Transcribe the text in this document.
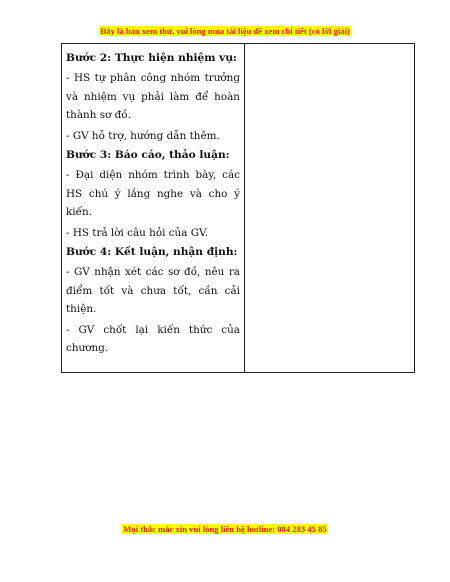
Đây là bản xem thử, vui lòng mua tài liệu để xem chi tiết (có lời giải)
Bước 2: Thực hiện nhiệm vụ:

- HS tự phân công nhóm trưởng và nhiệm vụ phải làm để hoàn thành sơ đồ.

- GV hỗ trợ, hướng dẫn thêm.

Bước 3: Báo cáo, thảo luận:

- Đại diện nhóm trình bày, các HS chú ý lắng nghe và cho ý kiến.

- HS trả lời câu hỏi của GV.

Bước 4: Kết luận, nhận định:

- GV nhận xét các sơ đồ, nêu ra điểm tốt và chưa tốt, cần cải thiện.

- GV chốt lại kiến thức của chương.

Mọi thắc mắc xin vui lòng liên hệ hotline: 084 283 45 85
